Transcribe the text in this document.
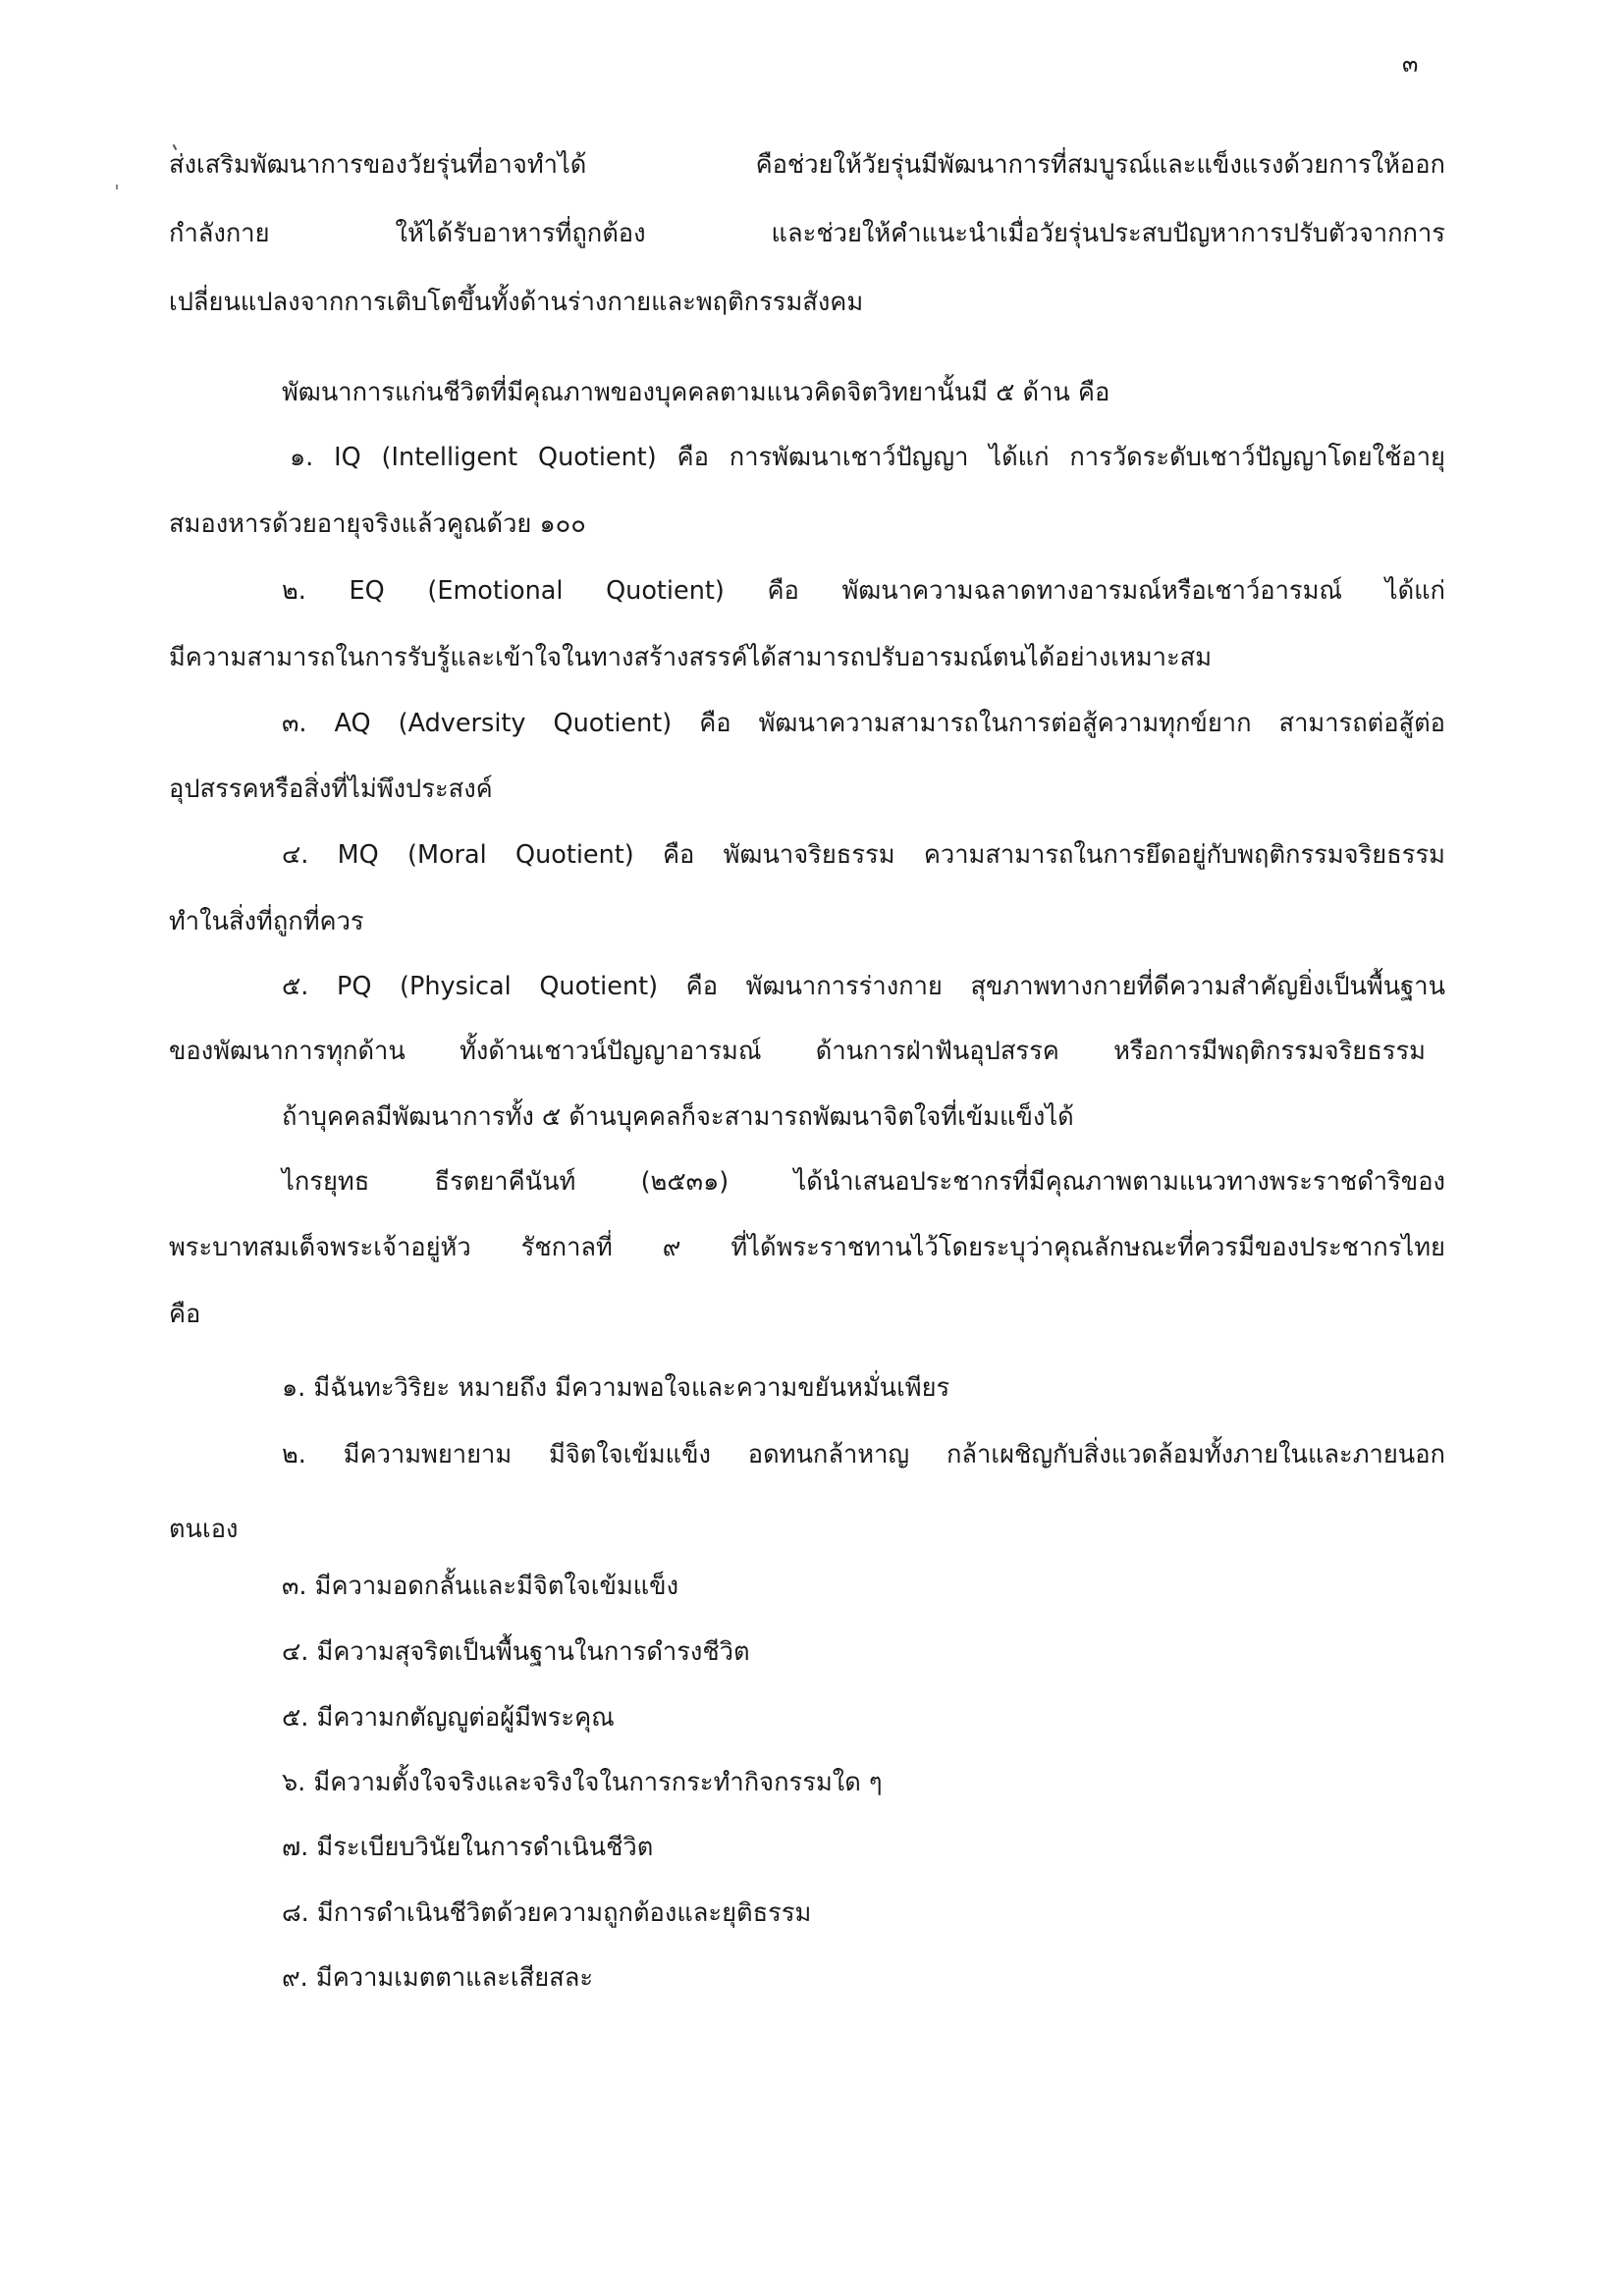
๓
ส่งเสริมพัฒนาการของวัยรุ่นที่อาจทำได้ คือช่วยให้วัยรุ่นมีพัฒนาการที่สมบูรณ์และแข็งแรงด้วยการให้ออก
กำลังกาย ให้ได้รับอาหารที่ถูกต้อง และช่วยให้คำแนะนำเมื่อวัยรุ่นประสบปัญหาการปรับตัวจากการ
เปลี่ยนแปลงจากการเติบโตขึ้นทั้งด้านร่างกายและพฤติกรรมสังคม
พัฒนาการแก่นชีวิตที่มีคุณภาพของบุคคลตามแนวคิดจิตวิทยานั้นมี ๕ ด้าน คือ
๑. IQ (Intelligent Quotient) คือ การพัฒนาเชาว์ปัญญา ได้แก่ การวัดระดับเชาว์ปัญญาโดยใช้อายุ
สมองหารด้วยอายุจริงแล้วคูณด้วย ๑๐๐
๒. EQ (Emotional Quotient) คือ พัฒนาความฉลาดทางอารมณ์หรือเชาว์อารมณ์ ได้แก่
มีความสามารถในการรับรู้และเข้าใจในทางสร้างสรรค์ได้สามารถปรับอารมณ์ตนได้อย่างเหมาะสม
๓. AQ (Adversity Quotient) คือ พัฒนาความสามารถในการต่อสู้ความทุกข์ยาก สามารถต่อสู้ต่อ
อุปสรรคหรือสิ่งที่ไม่พึงประสงค์
๔. MQ (Moral Quotient) คือ พัฒนาจริยธรรม ความสามารถในการยึดอยู่กับพฤติกรรมจริยธรรม
ทำในสิ่งที่ถูกที่ควร
๕. PQ (Physical Quotient) คือ พัฒนาการร่างกาย สุขภาพทางกายที่ดีความสำคัญยิ่งเป็นพื้นฐาน
ของพัฒนาการทุกด้าน ทั้งด้านเชาวน์ปัญญาอารมณ์ ด้านการฝ่าฟันอุปสรรค หรือการมีพฤติกรรมจริยธรรม
ถ้าบุคคลมีพัฒนาการทั้ง ๕ ด้านบุคคลก็จะสามารถพัฒนาจิตใจที่เข้มแข็งได้
ไกรยุทธ ธีรตยาคีนันท์ (๒๕๓๑) ได้นำเสนอประชากรที่มีคุณภาพตามแนวทางพระราชดำริของ
พระบาทสมเด็จพระเจ้าอยู่หัว รัชกาลที่ ๙ ที่ได้พระราชทานไว้โดยระบุว่าคุณลักษณะที่ควรมีของประชากรไทย
คือ
๑. มีฉันทะวิริยะ หมายถึง มีความพอใจและความขยันหมั่นเพียร
๒. มีความพยายาม มีจิตใจเข้มแข็ง อดทนกล้าหาญ กล้าเผชิญกับสิ่งแวดล้อมทั้งภายในและภายนอก
ตนเอง
๓. มีความอดกลั้นและมีจิตใจเข้มแข็ง
๔. มีความสุจริตเป็นพื้นฐานในการดำรงชีวิต
๕. มีความกตัญญูต่อผู้มีพระคุณ
๖. มีความตั้งใจจริงและจริงใจในการกระทำกิจกรรมใด ๆ
๗. มีระเบียบวินัยในการดำเนินชีวิต
๘. มีการดำเนินชีวิตด้วยความถูกต้องและยุติธรรม
๙. มีความเมตตาและเสียสละ
